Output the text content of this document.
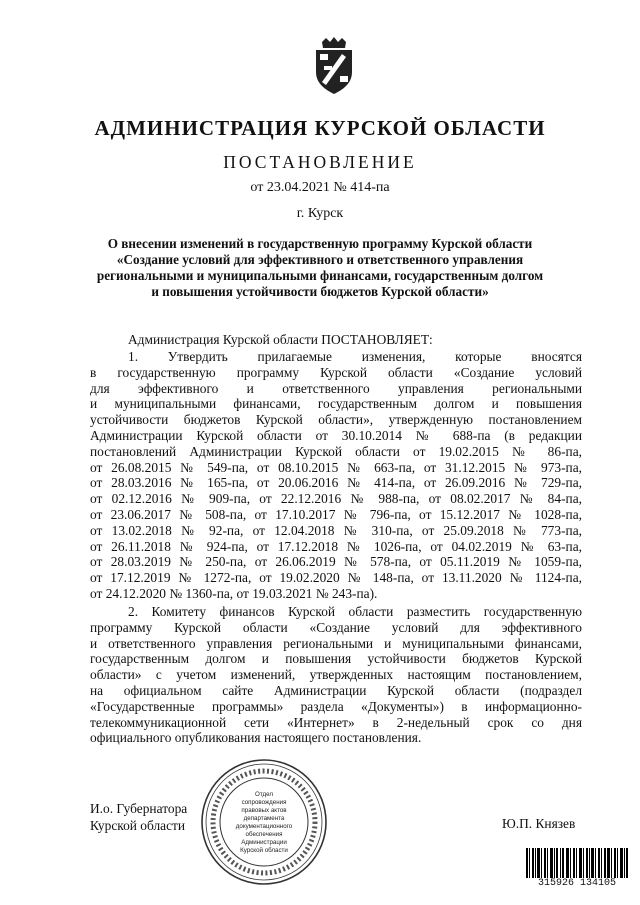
АДМИНИСТРАЦИЯ КУРСКОЙ ОБЛАСТИ
ПОСТАНОВЛЕНИЕ
от 23.04.2021 № 414-па
г. Курск
О внесении изменений в государственную программу Курской области
«Создание условий для эффективного и ответственного управления
региональными и муниципальными финансами, государственным долгом
и повышения устойчивости бюджетов Курской области»
Администрация Курской области ПОСТАНОВЛЯЕТ:
1. Утвердить прилагаемые изменения, которые вносятся
в государственную программу Курской области «Создание условий
для эффективного и ответственного управления региональными
и муниципальными финансами, государственным долгом и повышения
устойчивости бюджетов Курской области», утвержденную постановлением
Администрации Курской области от 30.10.2014 № 688-па (в редакции
постановлений Администрации Курской области от 19.02.2015 № 86-па,
от 26.08.2015 № 549-па, от 08.10.2015 № 663-па, от 31.12.2015 № 973-па,
от 28.03.2016 № 165-па, от 20.06.2016 № 414-па, от 26.09.2016 № 729-па,
от 02.12.2016 № 909-па, от 22.12.2016 № 988-па, от 08.02.2017 № 84-па,
от 23.06.2017 № 508-па, от 17.10.2017 № 796-па, от 15.12.2017 № 1028-па,
от 13.02.2018 № 92-па, от 12.04.2018 № 310-па, от 25.09.2018 № 773-па,
от 26.11.2018 № 924-па, от 17.12.2018 № 1026-па, от 04.02.2019 № 63-па,
от 28.03.2019 № 250-па, от 26.06.2019 № 578-па, от 05.11.2019 № 1059-па,
от 17.12.2019 № 1272-па, от 19.02.2020 № 148-па, от 13.11.2020 № 1124-па,
от 24.12.2020 № 1360-па, от 19.03.2021 № 243-па).
2. Комитету финансов Курской области разместить государственную
программу Курской области «Создание условий для эффективного
и ответственного управления региональными и муниципальными финансами,
государственным долгом и повышения устойчивости бюджетов Курской
области» с учетом изменений, утвержденных настоящим постановлением,
на официальном сайте Администрации Курской области (подраздел
«Государственные программы» раздела «Документы») в информационно-
телекоммуникационной сети «Интернет» в 2-недельный срок со дня
официального опубликования настоящего постановления.
Отдел
сопровождения
правовых актов
департамента
документационного
обеспечения
Администрации
Курской области
И.о. Губернатора
Курской области	Ю.П. Князев
315926 134105
